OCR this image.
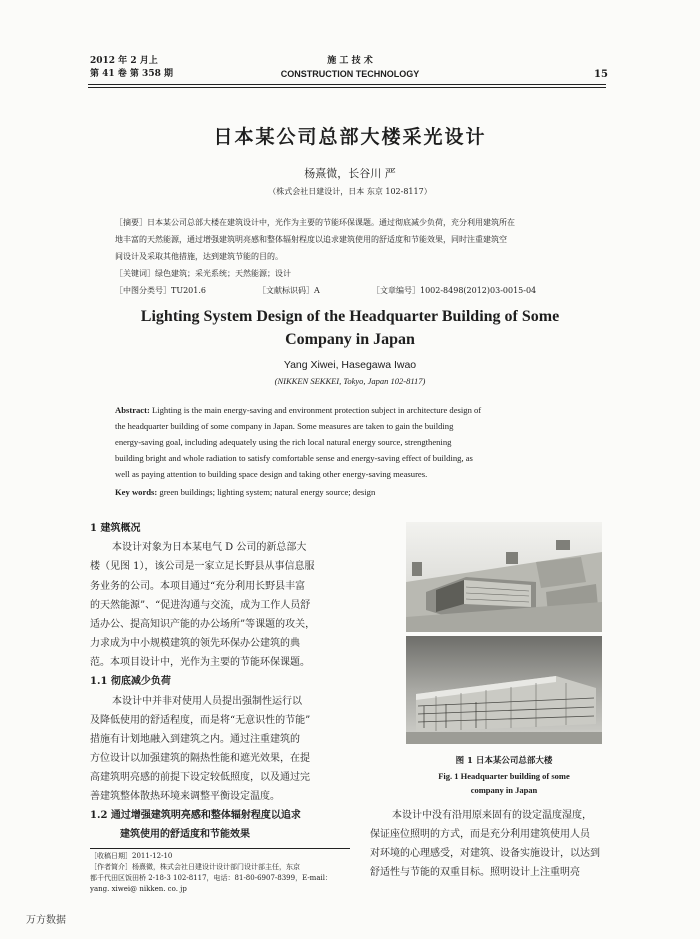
2012 年 2 月上
第 41 卷 第 358 期
施 工 技 术
CONSTRUCTION TECHNOLOGY	15
日本某公司总部大楼采光设计
杨熹微，长谷川 严
（株式会社日建设计，日本 东京 102-8117）
［摘要］日本某公司总部大楼在建筑设计中，光作为主要的节能环保课题。通过彻底减少负荷，充分利用建筑所在
地丰富的天然能源，通过增强建筑明亮感和整体辐射程度以追求建筑使用的舒适度和节能效果，同时注重建筑空
间设计及采取其他措施，达到建筑节能的目的。
［关键词］绿色建筑；采光系统；天然能源；设计
［中图分类号］TU201.6	［文献标识码］A	［文章编号］1002-8498(2012)03-0015-04
Lighting System Design of the Headquarter Building of Some
Company in Japan
Yang Xiwei, Hasegawa Iwao
(NIKKEN SEKKEI, Tokyo, Japan 102-8117)
Abstract: Lighting is the main energy-saving and environment protection subject in architecture design of
the headquarter building of some company in Japan. Some measures are taken to gain the building
energy-saving goal, including adequately using the rich local natural energy source, strengthening
building bright and whole radiation to satisfy comfortable sense and energy-saving effect of building, as
well as paying attention to building space design and taking other energy-saving measures.
Key words: green buildings; lighting system; natural energy source; design
1 建筑概况
本设计对象为日本某电气 D 公司的新总部大
楼（见图 1），该公司是一家立足长野县从事信息服
务业务的公司。本项目通过“充分利用长野县丰富
的天然能源”、“促进沟通与交流，成为工作人员舒
适办公、提高知识产能的办公场所”等课题的攻关，
力求成为中小规模建筑的领先环保办公建筑的典
范。本项目设计中，光作为主要的节能环保课题。
1.1 彻底减少负荷
本设计中并非对使用人员提出强制性运行以
及降低使用的舒适程度，而是将“无意识性的节能”
措施有计划地融入到建筑之内。通过注重建筑的
方位设计以加强建筑的隔热性能和遮光效果，在提
高建筑明亮感的前提下设定较低照度，以及通过完
善建筑整体散热环境来调整平衡设定温度。
1.2 通过增强建筑明亮感和整体辐射程度以追求
建筑使用的舒适度和节能效果
［收稿日期］2011-12-10
［作者简介］杨熹微，株式会社日建设计设计部门设计部主任，东京
都千代田区饭田桥 2-18-3 102-8117，电话：81-80-6907-8399，E-mail：
yang. xiwei@ nikken. co. jp
图 1 日本某公司总部大楼
Fig. 1 Headquarter building of some
company in Japan
本设计中没有沿用原来固有的设定温度湿度，
保证座位照明的方式，而是充分利用建筑使用人员
对环境的心理感受，对建筑、设备实施设计，以达到
舒适性与节能的双重目标。照明设计上注重明亮
万方数据
